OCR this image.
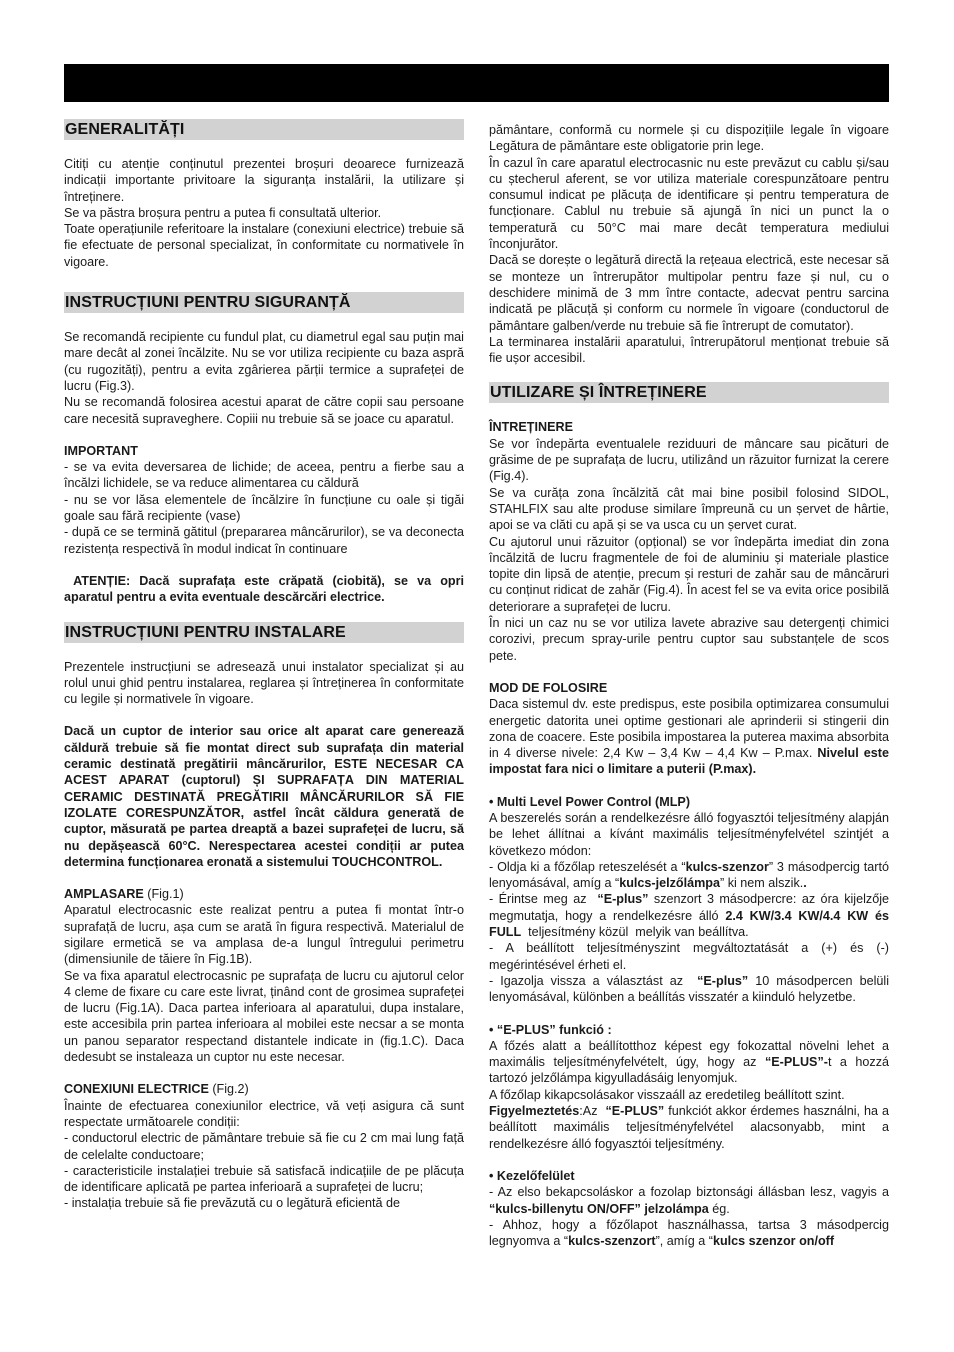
GENERALITĂȚI

Citiți cu atenție conținutul prezentei broșuri deoarece furnizează indicații importante privitoare la siguranța instalării, la utilizare și întreținere.

Se va păstra broșura pentru a putea fi consultată ulterior.

Toate operațiunile referitoare la instalare (conexiuni electrice) trebuie să fie efectuate de personal specializat, în conformitate cu normativele în vigoare.

INSTRUCȚIUNI PENTRU SIGURANȚĂ

Se recomandă recipiente cu fundul plat, cu diametrul egal sau puțin mai mare decât al zonei încălzite. Nu se vor utiliza recipiente cu baza aspră (cu rugozități), pentru a evita zgârierea părții termice a suprafeței de lucru (Fig.3).

Nu se recomandă folosirea acestui aparat de către copii sau persoane care necesită supraveghere. Copiii nu trebuie să se joace cu aparatul.

IMPORTANT

- se va evita deversarea de lichide; de aceea, pentru a fierbe sau a încălzi lichidele, se va reduce alimentarea cu căldură

- nu se vor lăsa elementele de încălzire în funcțiune cu oale și tigăi goale sau fără recipiente (vase)

- după ce se termină gătitul (prepararea mâncărurilor), se va deconecta rezistența respectivă în modul indicat în continuare

ATENȚIE: Dacă suprafața este crăpată (ciobită), se va opri aparatul pentru a evita eventuale descărcări electrice.

INSTRUCȚIUNI PENTRU INSTALARE

Prezentele instrucțiuni se adresează unui instalator specializat și au rolul unui ghid pentru instalarea, reglarea și întreținerea în conformitate cu legile și normativele în vigoare.

Dacă un cuptor de interior sau orice alt aparat care generează căldură trebuie să fie montat direct sub suprafața din material ceramic destinată pregătirii mâncărurilor, ESTE NECESAR CA ACEST APARAT (cuptorul) ȘI SUPRAFAȚA DIN MATERIAL CERAMIC DESTINATĂ PREGĂTIRII MÂNCĂRURILOR SĂ FIE IZOLATE CORESPUNZĂTOR, astfel încât căldura generată de cuptor, măsurată pe partea dreaptă a bazei suprafeței de lucru, să nu depășească 60°C. Nerespectarea acestei condiții ar putea determina funcționarea eronată a sistemului TOUCHCONTROL.

AMPLASARE (Fig.1)

Aparatul electrocasnic este realizat pentru a putea fi montat într-o suprafață de lucru, așa cum se arată în figura respectivă. Materialul de sigilare ermetică se va amplasa de-a lungul întregului perimetru (dimensiunile de tăiere în Fig.1B).

Se va fixa aparatul electrocasnic pe suprafața de lucru cu ajutorul celor 4 cleme de fixare cu care este livrat, ținând cont de grosimea suprafeței de lucru (Fig.1A). Daca partea inferioara al aparatului, dupa instalare, este accesibila prin partea inferioara al mobilei este necsar a se monta un panou separator respectand distantele indicate in (fig.1.C). Daca dedesubt se instaleaza un cuptor nu este necesar.

CONEXIUNI ELECTRICE (Fig.2)

Înainte de efectuarea conexiunilor electrice, vă veți asigura că sunt respectate următoarele condiții:

- conductorul electric de pământare trebuie să fie cu 2 cm mai lung față de celelalte conductoare;

- caracteristicile instalației trebuie să satisfacă indicațiile de pe plăcuța de identificare aplicată pe partea inferioară a suprafeței de lucru;

- instalația trebuie să fie prevăzută cu o legătură eficientă de

pământare, conformă cu normele și cu dispozițiile legale în vigoare Legătura de pământare este obligatorie prin lege.

În cazul în care aparatul electrocasnic nu este prevăzut cu cablu și/sau cu ștecherul aferent, se vor utiliza materiale corespunzătoare pentru consumul indicat pe plăcuța de identificare și pentru temperatura de funcționare. Cablul nu trebuie să ajungă în nici un punct la o temperatură cu 50°C mai mare decât temperatura mediului înconjurător.

Dacă se dorește o legătură directă la rețeaua electrică, este necesar să se monteze un întrerupător multipolar pentru faze și nul, cu o deschidere minimă de 3 mm între contacte, adecvat pentru sarcina indicată pe plăcuță și conform cu normele în vigoare (conductorul de pământare galben/verde nu trebuie să fie întrerupt de comutator).

La terminarea instalării aparatului, întrerupătorul menționat trebuie să fie ușor accesibil.

UTILIZARE ȘI ÎNTREȚINERE

ÎNTREȚINERE

Se vor îndepărta eventualele reziduuri de mâncare sau picături de grăsime de pe suprafața de lucru, utilizând un răzuitor furnizat la cerere (Fig.4).

Se va curăța zona încălzită cât mai bine posibil folosind SIDOL, STAHLFIX sau alte produse similare împreună cu un șervet de hârtie, apoi se va clăti cu apă și se va usca cu un șervet curat.

Cu ajutorul unui răzuitor (opțional) se vor îndepărta imediat din zona încălzită de lucru fragmentele de foi de aluminiu și materiale plastice topite din lipsă de atenție, precum și resturi de zahăr sau de mâncăruri cu conținut ridicat de zahăr (Fig.4). În acest fel se va evita orice posibilă deteriorare a suprafeței de lucru.

În nici un caz nu se vor utiliza lavete abrazive sau detergenți chimici corozivi, precum spray-urile pentru cuptor sau substanțele de scos pete.

MOD DE FOLOSIRE

Daca sistemul dv. este predispus, este posibila optimizarea consumului energetic datorita unei optime gestionari ale aprinderii si stingerii din zona de coacere. Este posibila impostarea la puterea maxima absorbita in 4 diverse nivele: 2,4 Kw – 3,4 Kw – 4,4 Kw – P.max. Nivelul este impostat fara nici o limitare a puterii (P.max).

• Multi Level Power Control (MLP)

A beszerelés során a rendelkezésre álló fogyasztói teljesítmény alapján be lehet állítnai a kívánt maximális teljesítményfelvétel szintjét a következo módon:

- Oldja ki a főzőlap reteszelését a “kulcs-szenzor” 3 másodpercig tartó lenyomásával, amíg a “kulcs-jelzőlámpa” ki nem alszik..

- Érintse meg az  “E-plus” szenzort 3 másodpercre: az óra kijelzője megmutatja, hogy a rendelkezésre álló 2.4 KW/3.4 KW/4.4 KW és FULL  teljesítmény közül  melyik van beállítva.

- A beállított teljesítményszint megváltoztatását a (+) és (-) megérintésével érheti el.

- Igazolja vissza a választást az  “E-plus” 10 másodpercen belüli lenyomásával, különben a beállítás visszatér a kiinduló helyzetbe.

• “E-PLUS” funkció :

A főzés alatt a beállítotthoz képest egy fokozattal növelni lehet a maximális teljesítményfelvételt, úgy, hogy az “E-PLUS”-t a hozzá tartozó jelzőlámpa kigyulladásáig lenyomjuk.

A főzőlap kikapcsolásakor visszaáll az eredetileg beállított szint.

Figyelmeztetés:Az  “E-PLUS” funkciót akkor érdemes használni, ha a beállított maximális teljesítményfelvétel alacsonyabb, mint a rendelkezésre álló fogyasztói teljesítmény.

• Kezelőfelület

- Az elso bekapcsoláskor a fozolap biztonsági állásban lesz, vagyis a “kulcs-billenytu ON/OFF” jelzolámpa ég.

- Ahhoz, hogy a főzőlapot használhassa, tartsa 3 másodpercig legnyomva a “kulcs-szenzort”, amíg a “kulcs szenzor on/off
